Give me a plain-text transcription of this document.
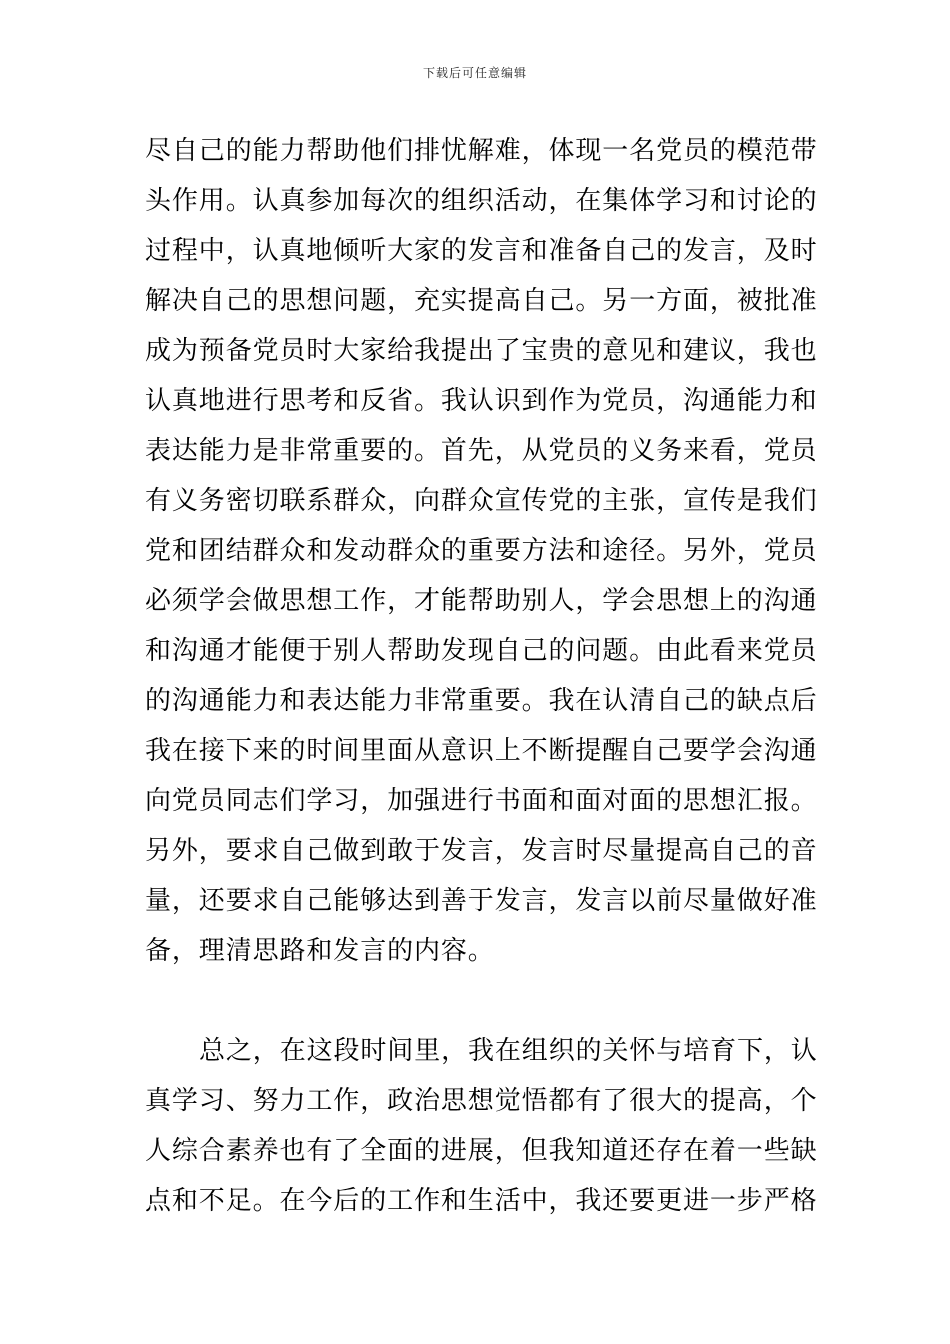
下载后可任意编辑
尽自己的能力帮助他们排忧解难，体现一名党员的模范带
头作用。认真参加每次的组织活动，在集体学习和讨论的
过程中，认真地倾听大家的发言和准备自己的发言，及时
解决自己的思想问题，充实提高自己。另一方面，被批准
成为预备党员时大家给我提出了宝贵的意见和建议，我也
认真地进行思考和反省。我认识到作为党员，沟通能力和
表达能力是非常重要的。首先，从党员的义务来看，党员
有义务密切联系群众，向群众宣传党的主张，宣传是我们
党和团结群众和发动群众的重要方法和途径。另外，党员
必须学会做思想工作，才能帮助别人，学会思想上的沟通
和沟通才能便于别人帮助发现自己的问题。由此看来党员
的沟通能力和表达能力非常重要。我在认清自己的缺点后
我在接下来的时间里面从意识上不断提醒自己要学会沟通
向党员同志们学习，加强进行书面和面对面的思想汇报。
另外，要求自己做到敢于发言，发言时尽量提高自己的音
量，还要求自己能够达到善于发言，发言以前尽量做好准
备，理清思路和发言的内容。
总之，在这段时间里，我在组织的关怀与培育下，认
真学习、努力工作，政治思想觉悟都有了很大的提高，个
人综合素养也有了全面的进展，但我知道还存在着一些缺
点和不足。在今后的工作和生活中，我还要更进一步严格
